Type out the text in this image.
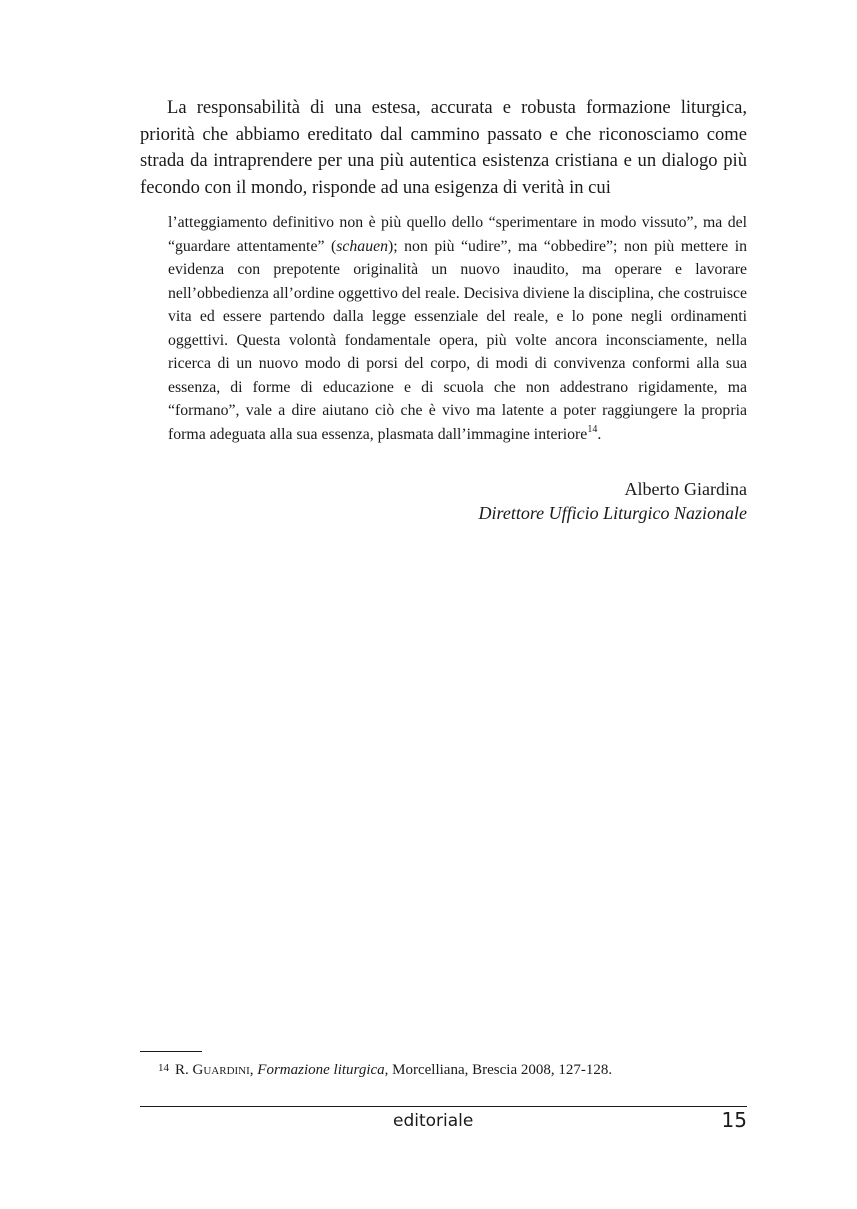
La responsabilità di una estesa, accurata e robusta formazione liturgica, priorità che abbiamo ereditato dal cammino passato e che riconosciamo come strada da intraprendere per una più autentica esistenza cristiana e un dialogo più fecondo con il mondo, risponde ad una esigenza di verità in cui

l’atteggiamento definitivo non è più quello dello “sperimentare in modo vissuto”, ma del “guardare attentamente” (schauen); non più “udire”, ma “obbedire”; non più mettere in evidenza con prepotente originalità un nuovo inaudito, ma operare e lavorare nell’obbedienza all’ordine oggettivo del reale. Decisiva diviene la disciplina, che costruisce vita ed essere partendo dalla legge essenziale del reale, e lo pone negli ordinamenti oggettivi. Questa volontà fondamentale opera, più volte ancora inconsciamente, nella ricerca di un nuovo modo di porsi del corpo, di modi di convivenza conformi alla sua essenza, di forme di educazione e di scuola che non addestrano rigidamente, ma “formano”, vale a dire aiutano ciò che è vivo ma latente a poter raggiungere la propria forma adeguata alla sua essenza, plasmata dall’immagine interiore$^{14}$.

Alberto Giardina
Direttore Ufficio Liturgico Nazionale
$^{14}$ R. Guardini, Formazione liturgica, Morcelliana, Brescia 2008, 127-128.
editoriale	15
